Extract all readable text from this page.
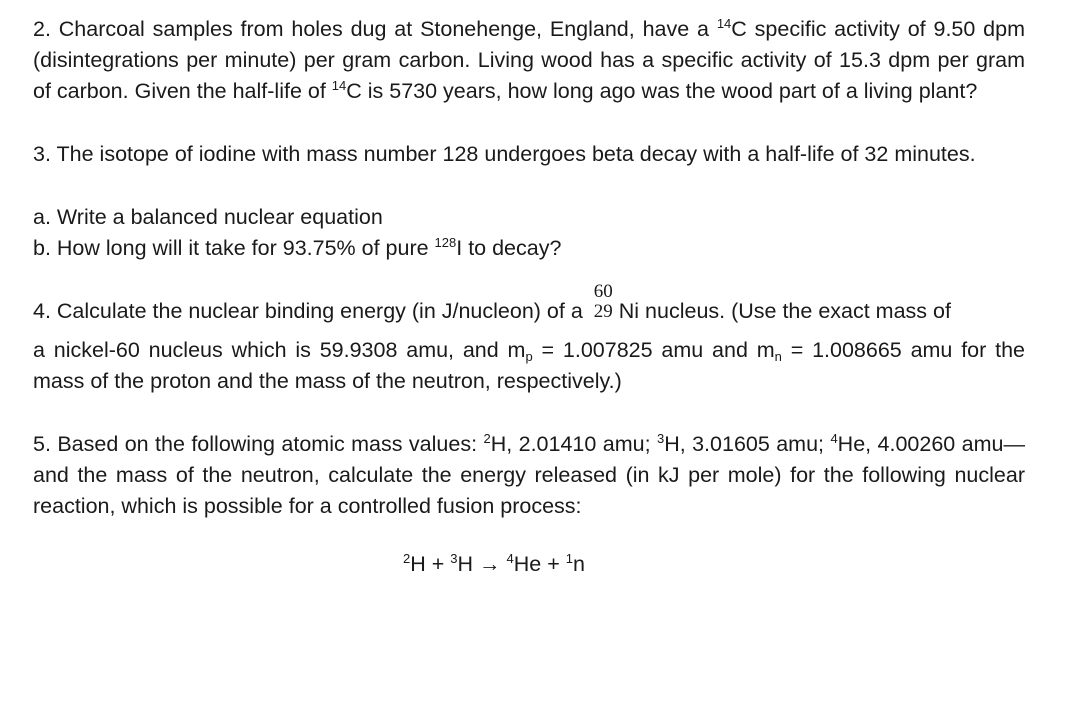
2. Charcoal samples from holes dug at Stonehenge, England, have a $^{14}$C specific activity of 9.50 dpm (disintegrations per minute) per gram carbon. Living wood has a specific activity of 15.3 dpm per gram of carbon. Given the half-life of $^{14}$C is 5730 years, how long ago was the wood part of a living plant?

3. The isotope of iodine with mass number 128 undergoes beta decay with a half-life of 32 minutes.

a. Write a balanced nuclear equation

b. How long will it take for 93.75% of pure $^{128}$I to decay?

4. Calculate the nuclear binding energy (in J/nucleon) of a
60
29 Ni nucleus. (Use the exact mass of

a nickel-60 nucleus which is 59.9308 amu, and $m_p = 1.007825$ amu and $m_n = 1.008665$ amu for the mass of the proton and the mass of the neutron, respectively.)

5. Based on the following atomic mass values: $^2$H, 2.01410 amu; $^3$H, 3.01605 amu; $^4$He, 4.00260 amu—and the mass of the neutron, calculate the energy released (in kJ per mole) for the following nuclear reaction, which is possible for a controlled fusion process:

$^2$H + $^3$H → $^4$He + $^1$n
